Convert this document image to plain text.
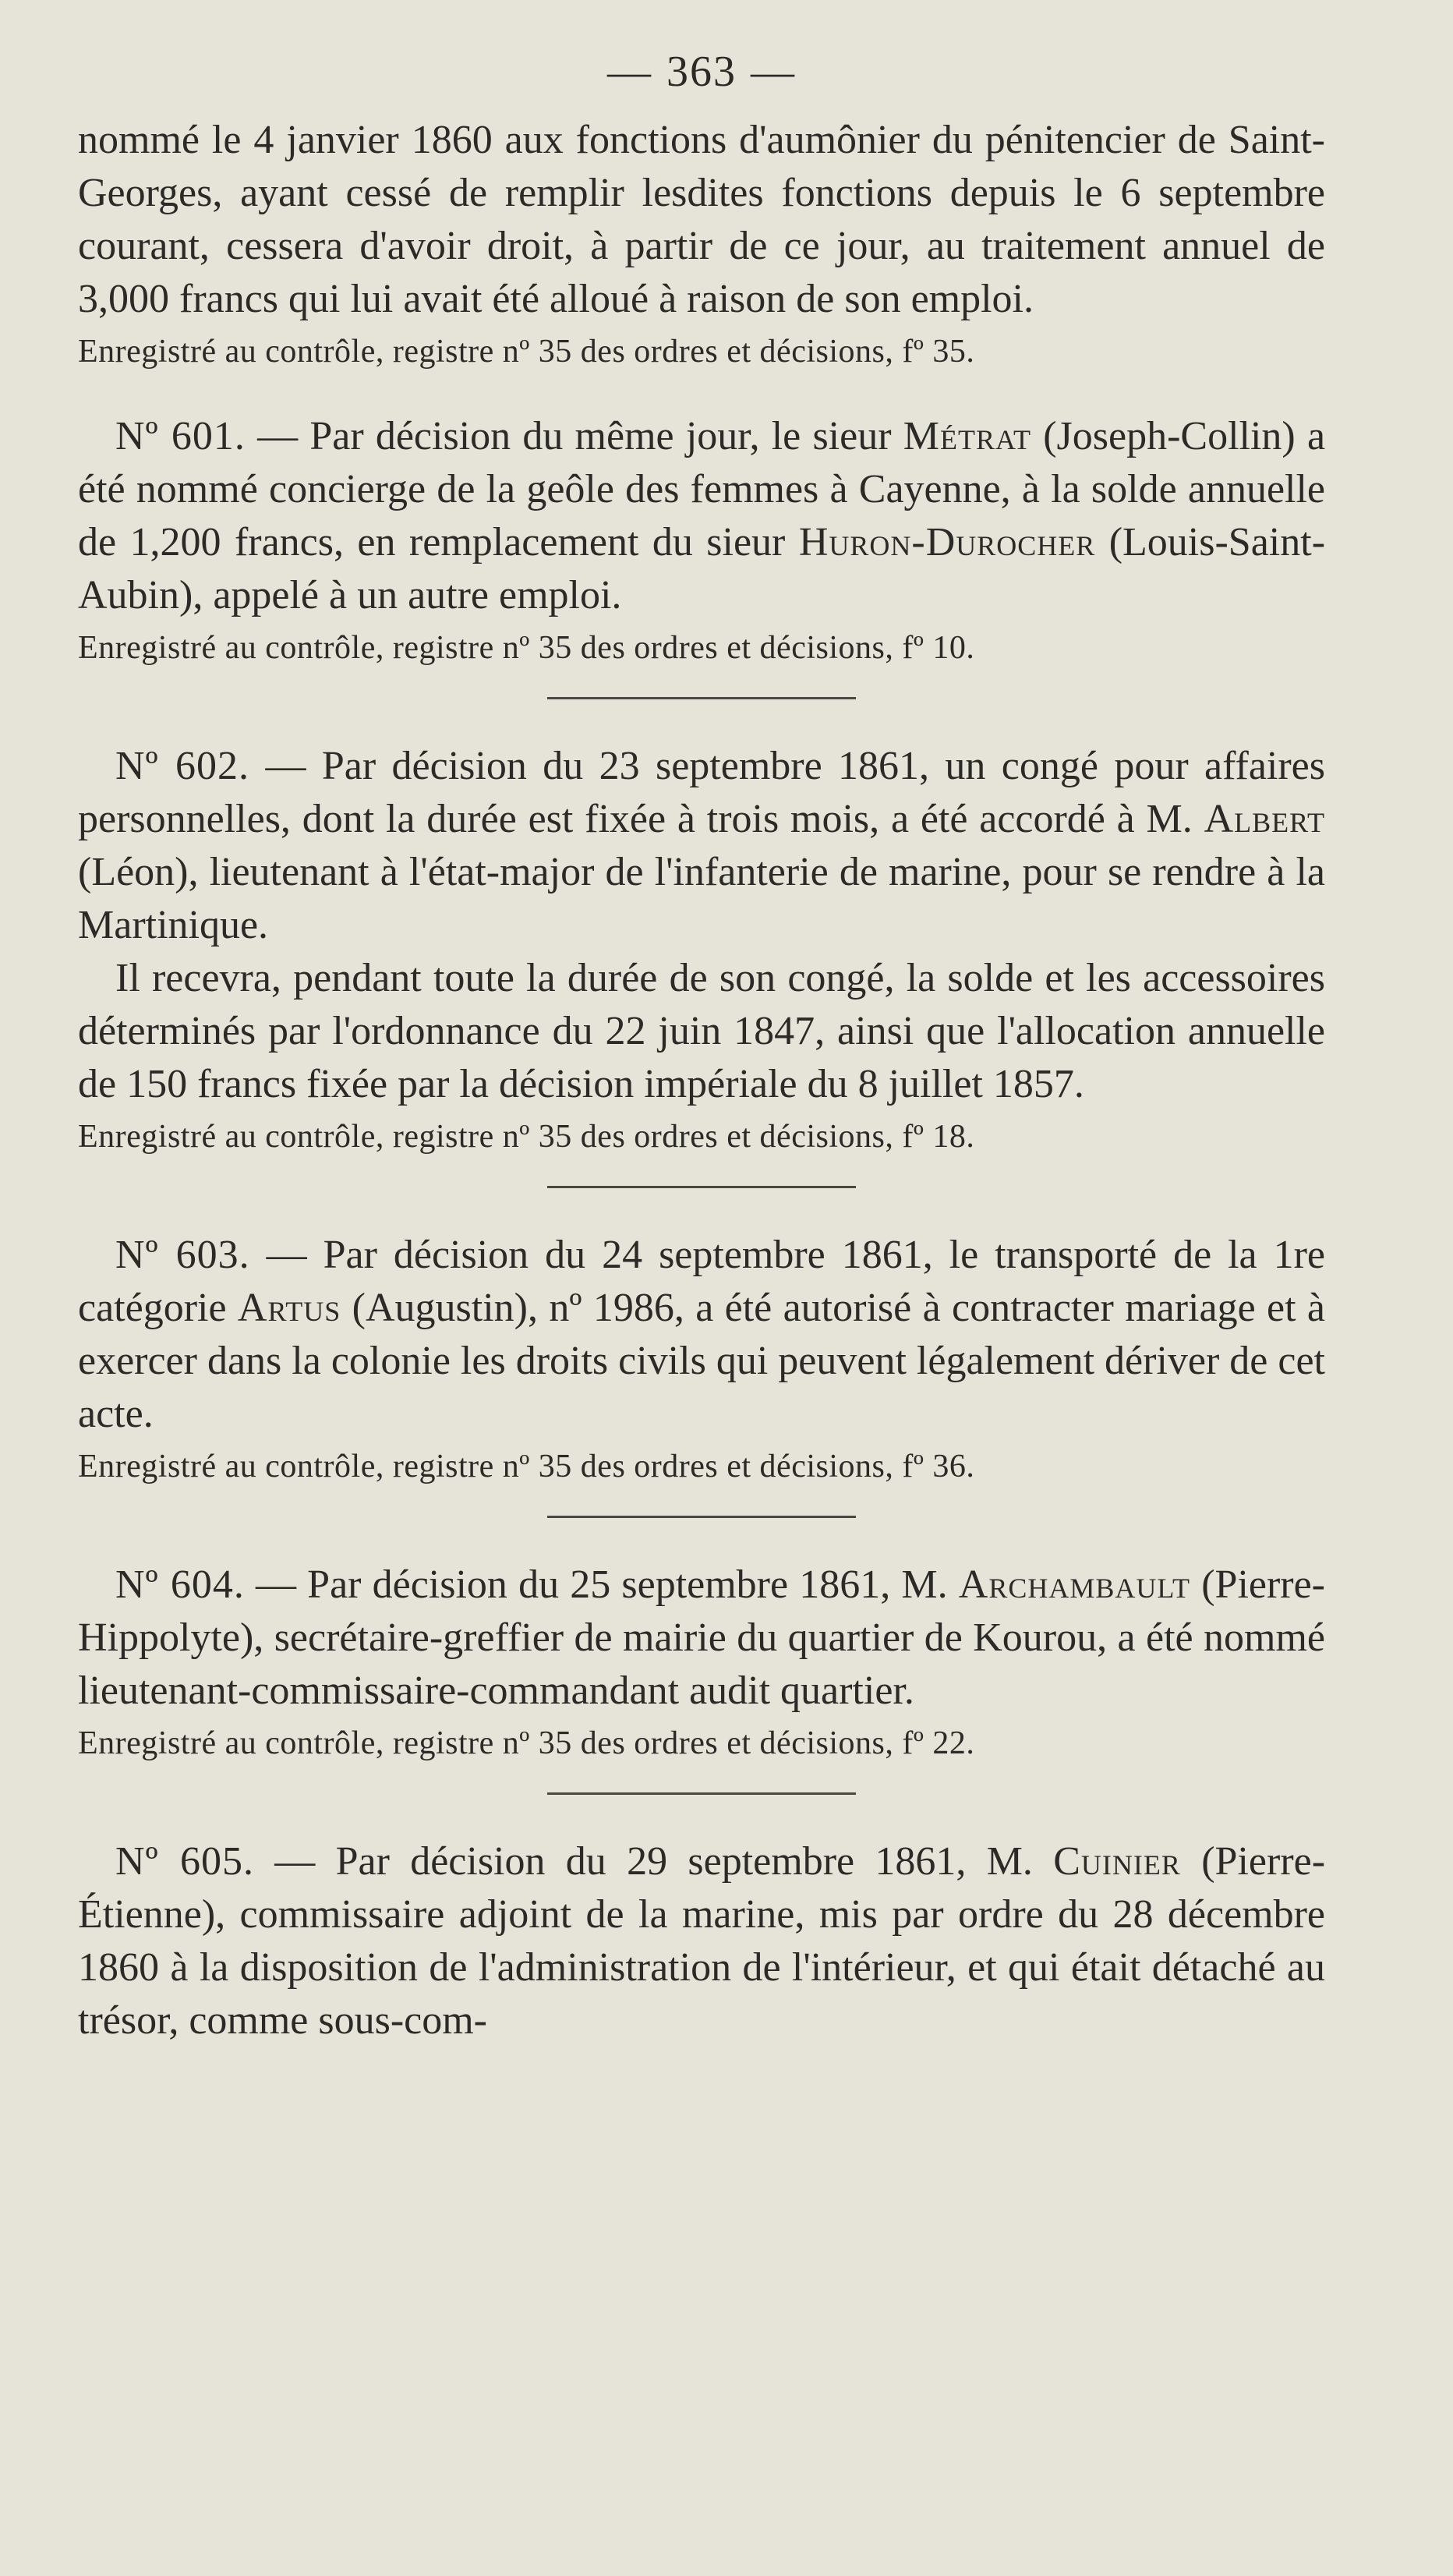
— 363 —

nommé le 4 janvier 1860 aux fonctions d'aumônier du pénitencier de Saint-Georges, ayant cessé de remplir lesdites fonctions depuis le 6 septembre courant, cessera d'avoir droit, à partir de ce jour, au traitement annuel de 3,000 francs qui lui avait été alloué à raison de son emploi.

Enregistré au contrôle, registre nº 35 des ordres et décisions, fº 35.

Nº 601. — Par décision du même jour, le sieur Métrat (Joseph-Collin) a été nommé concierge de la geôle des femmes à Cayenne, à la solde annuelle de 1,200 francs, en remplacement du sieur Huron-Durocher (Louis-Saint-Aubin), appelé à un autre emploi.

Enregistré au contrôle, registre nº 35 des ordres et décisions, fº 10.

Nº 602. — Par décision du 23 septembre 1861, un congé pour affaires personnelles, dont la durée est fixée à trois mois, a été accordé à M. Albert (Léon), lieutenant à l'état-major de l'infanterie de marine, pour se rendre à la Martinique.

Il recevra, pendant toute la durée de son congé, la solde et les accessoires déterminés par l'ordonnance du 22 juin 1847, ainsi que l'allocation annuelle de 150 francs fixée par la décision impériale du 8 juillet 1857.

Enregistré au contrôle, registre nº 35 des ordres et décisions, fº 18.

Nº 603. — Par décision du 24 septembre 1861, le transporté de la 1re catégorie Artus (Augustin), nº 1986, a été autorisé à contracter mariage et à exercer dans la colonie les droits civils qui peuvent légalement dériver de cet acte.

Enregistré au contrôle, registre nº 35 des ordres et décisions, fº 36.

Nº 604. — Par décision du 25 septembre 1861, M. Archambault (Pierre-Hippolyte), secrétaire-greffier de mairie du quartier de Kourou, a été nommé lieutenant-commissaire-commandant audit quartier.

Enregistré au contrôle, registre nº 35 des ordres et décisions, fº 22.

Nº 605. — Par décision du 29 septembre 1861, M. Cuinier (Pierre-Étienne), commissaire adjoint de la marine, mis par ordre du 28 décembre 1860 à la disposition de l'administration de l'intérieur, et qui était détaché au trésor, comme sous-com-
